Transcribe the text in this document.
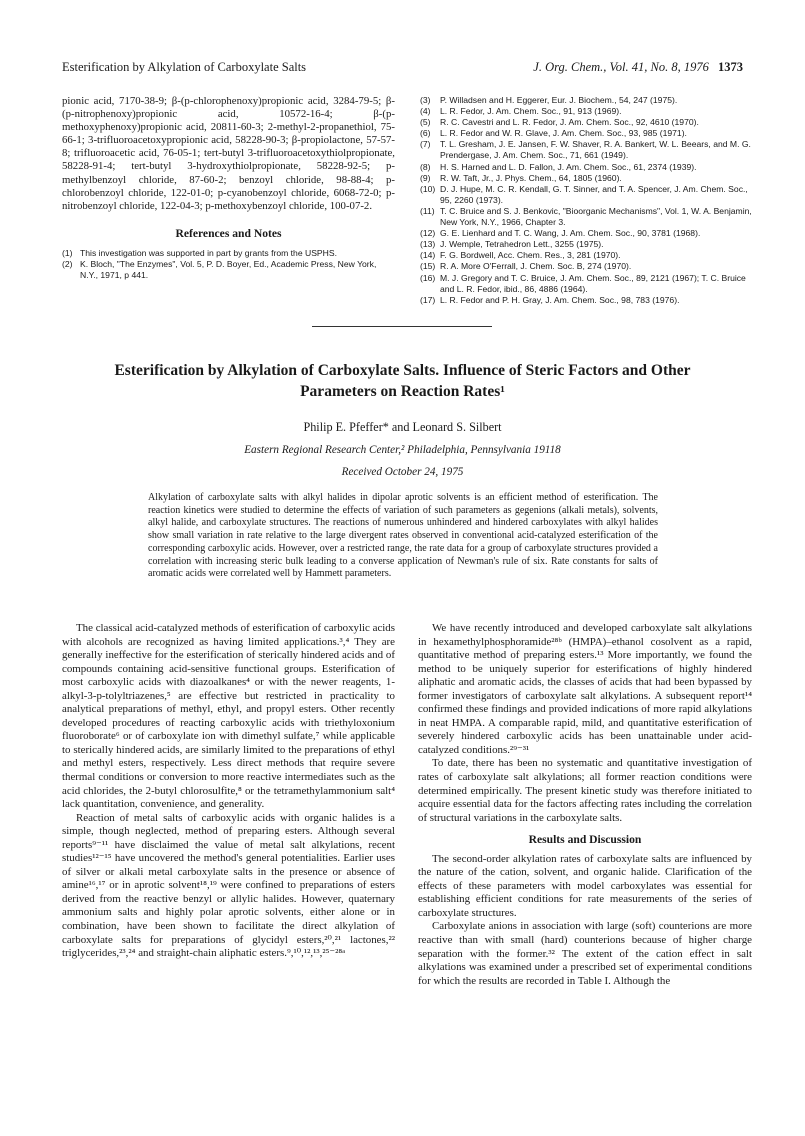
Esterification by Alkylation of Carboxylate Salts	J. Org. Chem., Vol. 41, No. 8, 1976 1373
pionic acid, 7170-38-9; β-(p-chlorophenoxy)propionic acid, 3284-79-5; β-(p-nitrophenoxy)propionic acid, 10572-16-4; β-(p-methoxyphenoxy)propionic acid, 20811-60-3; 2-methyl-2-propanethiol, 75-66-1; 3-trifluoroacetoxypropionic acid, 58228-90-3; β-propiolactone, 57-57-8; trifluoroacetic acid, 76-05-1; tert-butyl 3-trifluoroacetoxythiolpropionate, 58228-91-4; tert-butyl 3-hydroxythiolpropionate, 58228-92-5; p-methylbenzoyl chloride, 87-60-2; benzoyl chloride, 98-88-4; p-chlorobenzoyl chloride, 122-01-0; p-cyanobenzoyl chloride, 6068-72-0; p-nitrobenzoyl chloride, 122-04-3; p-methoxybenzoyl chloride, 100-07-2.
References and Notes
(1) This investigation was supported in part by grants from the USPHS.
(2) K. Bloch, "The Enzymes", Vol. 5, P. D. Boyer, Ed., Academic Press, New York, N.Y., 1971, p 441.
(3)	P. Willadsen and H. Eggerer, Eur. J. Biochem., 54, 247 (1975).
(4)	L. R. Fedor, J. Am. Chem. Soc., 91, 913 (1969).
(5)	R. C. Cavestri and L. R. Fedor, J. Am. Chem. Soc., 92, 4610 (1970).
(6)	L. R. Fedor and W. R. Glave, J. Am. Chem. Soc., 93, 985 (1971).
(7)	T. L. Gresham, J. E. Jansen, F. W. Shaver, R. A. Bankert, W. L. Beears, and M. G. Prendergase, J. Am. Chem. Soc., 71, 661 (1949).
(8)	H. S. Harned and L. D. Fallon, J. Am. Chem. Soc., 61, 2374 (1939).
(9)	R. W. Taft, Jr., J. Phys. Chem., 64, 1805 (1960).
(10) D. J. Hupe, M. C. R. Kendall, G. T. Sinner, and T. A. Spencer, J. Am. Chem. Soc., 95, 2260 (1973).
(11) T. C. Bruice and S. J. Benkovic, "Bioorganic Mechanisms", Vol. 1, W. A. Benjamin, New York, N.Y., 1966, Chapter 3.
(12) G. E. Lienhard and T. C. Wang, J. Am. Chem. Soc., 90, 3781 (1968).
(13) J. Wemple, Tetrahedron Lett., 3255 (1975).
(14) F. G. Bordwell, Acc. Chem. Res., 3, 281 (1970).
(15) R. A. More O'Ferrall, J. Chem. Soc. B, 274 (1970).
(16) M. J. Gregory and T. C. Bruice, J. Am. Chem. Soc., 89, 2121 (1967); T. C. Bruice and L. R. Fedor, ibid., 86, 4886 (1964).
(17) L. R. Fedor and P. H. Gray, J. Am. Chem. Soc., 98, 783 (1976).
Esterification by Alkylation of Carboxylate Salts. Influence of Steric Factors and Other Parameters on Reaction Rates¹
Philip E. Pfeffer* and Leonard S. Silbert
Eastern Regional Research Center,² Philadelphia, Pennsylvania 19118
Received October 24, 1975
Alkylation of carboxylate salts with alkyl halides in dipolar aprotic solvents is an efficient method of esterification. The reaction kinetics were studied to determine the effects of variation of such parameters as gegenions (alkali metals), solvents, alkyl halide, and carboxylate structures. The reactions of numerous unhindered and hindered carboxylates with alkyl halides show small variation in rate relative to the large divergent rates observed in conventional acid-catalyzed esterification of the corresponding carboxylic acids. However, over a restricted range, the rate data for a group of carboxylate structures provided a correlation with increasing steric bulk leading to a converse application of Newman's rule of six. Rate constants for salts of aromatic acids were correlated well by Hammett parameters.

The classical acid-catalyzed methods of esterification of carboxylic acids with alcohols are recognized as having limited applications.³,⁴ They are generally ineffective for the esterification of sterically hindered acids and of compounds containing acid-sensitive functional groups. Esterification of most carboxylic acids with diazoalkanes⁴ or with the newer reagents, 1-alkyl-3-p-tolyltriazenes,⁵ are effective but restricted in practicality to analytical preparations of methyl, ethyl, and propyl esters. Other recently developed procedures of reacting carboxylic acids with triethyloxonium fluoroborate⁶ or of carboxylate ion with dimethyl sulfate,⁷ while applicable to sterically hindered acids, are similarly limited to the preparations of ethyl and methyl esters, respectively. Less direct methods that require severe thermal conditions or conversion to more reactive intermediates such as the acid chlorides, the 2-butyl chlorosulfite,⁸ or the tetramethylammonium salt⁴ lack quantitation, convenience, and generality.

Reaction of metal salts of carboxylic acids with organic halides is a simple, though neglected, method of preparing esters. Although several reports⁹⁻¹¹ have disclaimed the value of metal salt alkylations, recent studies¹²⁻¹⁵ have uncovered the method's general potentialities. Earlier uses of silver or alkali metal carboxylate salts in the presence or absence of amine¹⁶,¹⁷ or in aprotic solvent¹⁸,¹⁹ were confined to preparations of esters derived from the reactive benzyl or allylic halides. However, quaternary ammonium salts and highly polar aprotic solvents, either alone or in combination, have been shown to facilitate the direct alkylation of carboxylate salts for preparations of glycidyl esters,²⁰,²¹ lactones,²² triglycerides,²³,²⁴ and straight-chain aliphatic esters.⁹,¹⁰,¹²,¹³,²⁵⁻²⁸ᵃ

We have recently introduced and developed carboxylate salt alkylations in hexamethylphosphoramide²⁸ᵇ (HMPA)–ethanol cosolvent as a rapid, quantitative method of preparing esters.¹³ More importantly, we found the method to be uniquely superior for esterifications of highly hindered aliphatic and aromatic acids, the classes of acids that had been bypassed by former investigators of carboxylate salt alkylations. A subsequent report¹⁴ confirmed these findings and provided indications of more rapid alkylations in neat HMPA. A comparable rapid, mild, and quantitative esterification of severely hindered carboxylic acids has been unattainable under acid-catalyzed conditions.²⁹⁻³¹

To date, there has been no systematic and quantitative investigation of rates of carboxylate salt alkylations; all former reaction conditions were determined empirically. The present kinetic study was therefore initiated to acquire essential data for the factors affecting rates including the correlation of structural variations in the carboxylate salts.

Results and Discussion

The second-order alkylation rates of carboxylate salts are influenced by the nature of the cation, solvent, and organic halide. Clarification of the effects of these parameters with model carboxylates was essential for establishing efficient conditions for rate measurements of the series of carboxylate structures.

Carboxylate anions in association with large (soft) counterions are more reactive than with small (hard) counterions because of higher charge separation with the former.³² The extent of the cation effect in salt alkylations was examined under a prescribed set of experimental conditions for which the results are recorded in Table I. Although the
